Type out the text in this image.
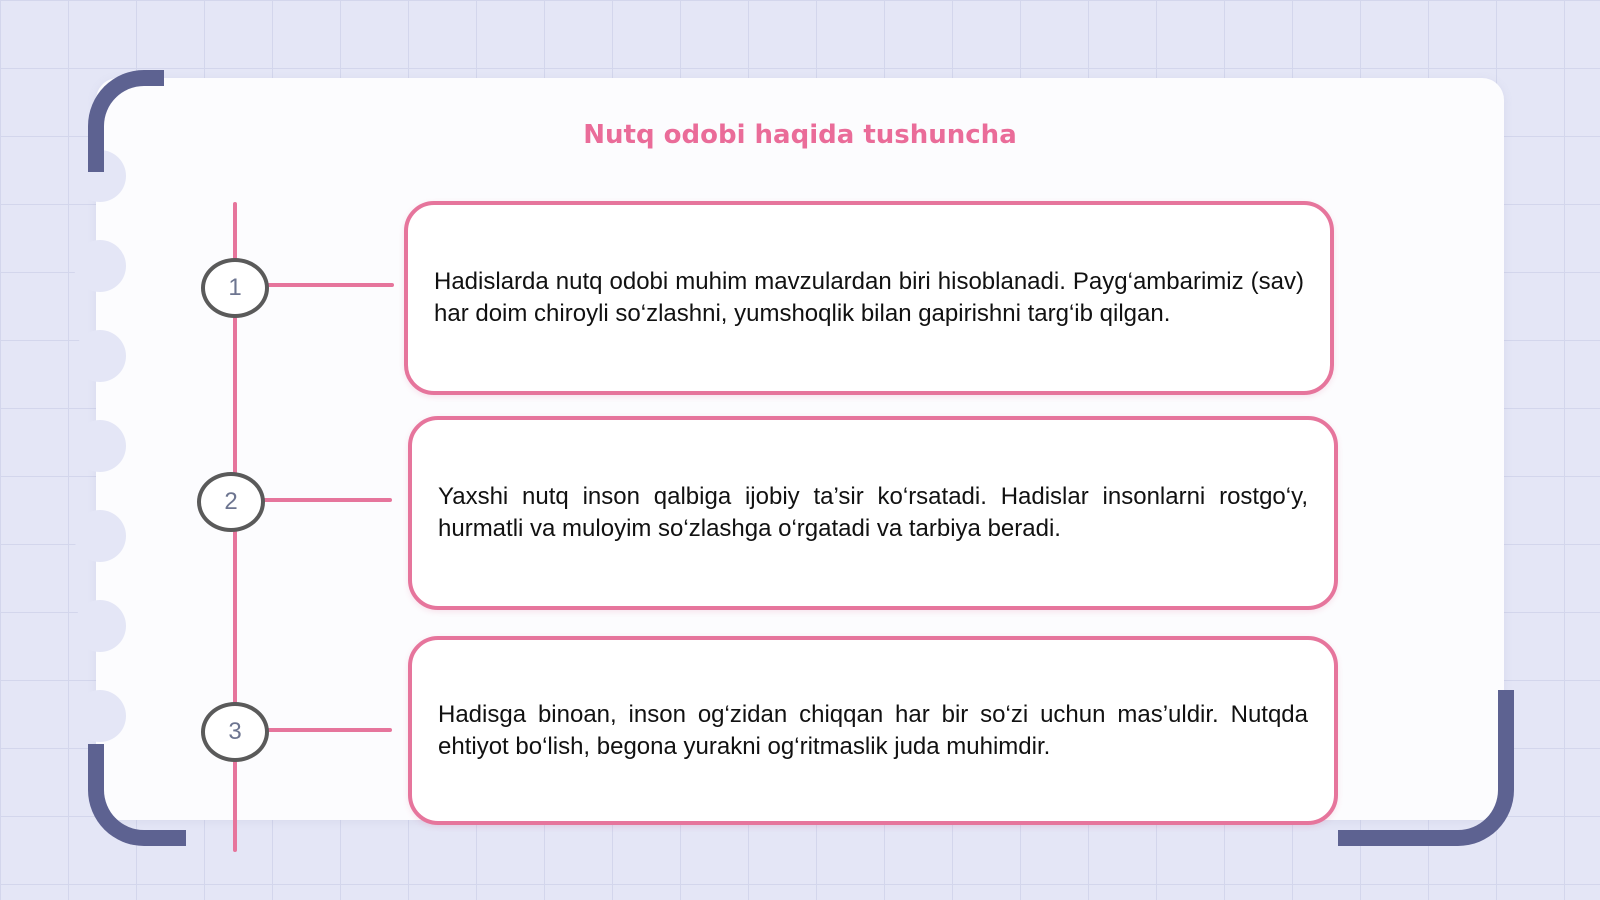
Nutq odobi haqida tushuncha
1
2
3

Hadislarda nutq odobi muhim mavzulardan biri hisoblanadi. Payg‘ambarimiz (sav) har doim chiroyli so‘zlashni, yumshoqlik bilan gapirishni targ‘ib qilgan.

Yaxshi nutq inson qalbiga ijobiy ta’sir ko‘rsatadi. Hadislar insonlarni rostgo‘y, hurmatli va muloyim so‘zlashga o‘rgatadi va tarbiya beradi.

Hadisga binoan, inson og‘zidan chiqqan har bir so‘zi uchun mas’uldir. Nutqda ehtiyot bo‘lish, begona yurakni og‘ritmaslik juda muhimdir.
